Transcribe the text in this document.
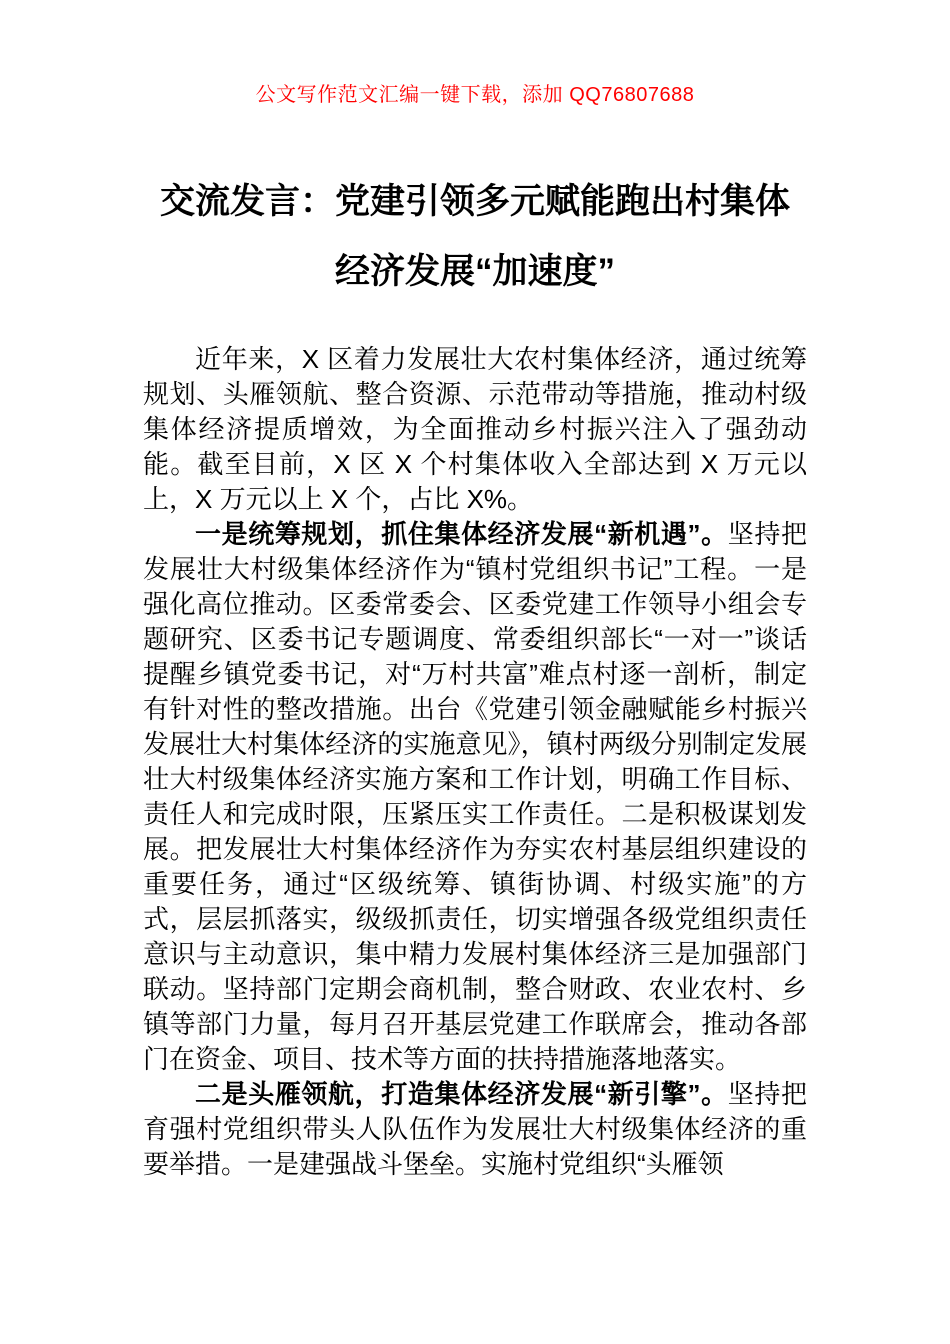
公文写作范文汇编一键下载，添加 QQ76807688
交流发言：党建引领多元赋能跑出村集体
经济发展“加速度”

近年来，X 区着力发展壮大农村集体经济，通过统筹规划、头雁领航、整合资源、示范带动等措施，推动村级集体经济提质增效，为全面推动乡村振兴注入了强劲动能。截至目前，X 区 X 个村集体收入全部达到 X 万元以上，X 万元以上 X 个，占比 X%。

一是统筹规划，抓住集体经济发展“新机遇”。坚持把发展壮大村级集体经济作为“镇村党组织书记”工程。一是强化高位推动。区委常委会、区委党建工作领导小组会专题研究、区委书记专题调度、常委组织部长“一对一”谈话提醒乡镇党委书记，对“万村共富”难点村逐一剖析，制定有针对性的整改措施。出台《党建引领金融赋能乡村振兴发展壮大村集体经济的实施意见》，镇村两级分别制定发展壮大村级集体经济实施方案和工作计划，明确工作目标、责任人和完成时限，压紧压实工作责任。二是积极谋划发展。把发展壮大村集体经济作为夯实农村基层组织建设的重要任务，通过“区级统筹、镇街协调、村级实施”的方式，层层抓落实，级级抓责任，切实增强各级党组织责任意识与主动意识，集中精力发展村集体经济三是加强部门联动。坚持部门定期会商机制，整合财政、农业农村、乡镇等部门力量，每月召开基层党建工作联席会，推动各部门在资金、项目、技术等方面的扶持措施落地落实。

二是头雁领航，打造集体经济发展“新引擎”。坚持把育强村党组织带头人队伍作为发展壮大村级集体经济的重要举措。一是建强战斗堡垒。实施村党组织“头雁领
